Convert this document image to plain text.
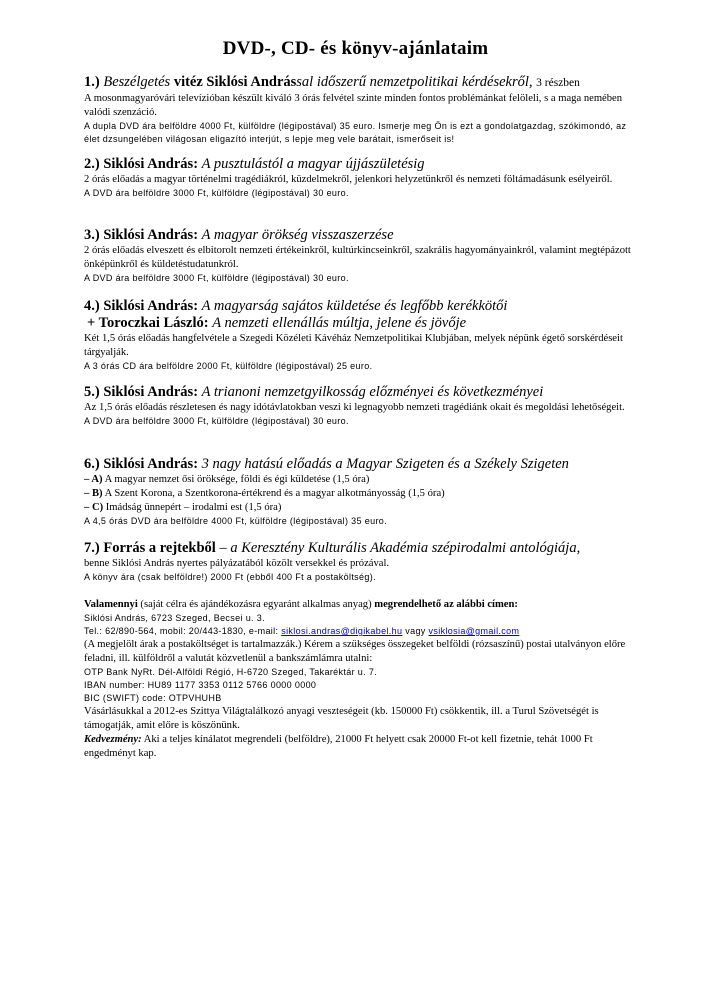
DVD-, CD- és könyv-ajánlataim
1.) Beszélgetés vitéz Siklósi Andrással időszerű nemzetpolitikai kérdésekről, 3 részben
A mosonmagyaróvári televízióban készült kiváló 3 órás felvétel szinte minden fontos problémánkat felöleli, s a maga nemében valódi szenzáció.
A dupla DVD ára belföldre 4000 Ft, külföldre (légipostával) 35 euro. Ismerje meg Ön is ezt a gondolatgazdag, szókimondó, az élet dzsungelében világosan eligazító interjút, s lepje meg vele barátait, ismerőseit is!
2.) Siklósi András: A pusztulástól a magyar újjászületésig
2 órás előadás a magyar történelmi tragédiákról, küzdelmekről, jelenkori helyzetünkről és nemzeti föltámadásunk esélyeiről.
A DVD ára belföldre 3000 Ft, külföldre (légipostával) 30 euro.
3.) Siklósi András: A magyar örökség visszaszerzése
2 órás előadás elveszett és elbitorolt nemzeti értékeinkről, kultúrkincseinkről, szakrális hagyományainkról, valamint megtépázott önképünkről és küldetéstudatunkról.
A DVD ára belföldre 3000 Ft, külföldre (légipostával) 30 euro.
4.) Siklósi András: A magyarság sajátos küldetése és legfőbb kerékkötői
+ Toroczkai László: A nemzeti ellenállás múltja, jelene és jövője
Két 1,5 órás előadás hangfelvétele a Szegedi Közéleti Kávéház Nemzetpolitikai Klubjában, melyek népünk égető sorskérdéseit tárgyalják.
A 3 órás CD ára belföldre 2000 Ft, külföldre (légipostával) 25 euro.
5.) Siklósi András: A trianoni nemzetgyilkosság előzményei és következményei
Az 1,5 órás előadás részletesen és nagy idótávlatokban veszi ki legnagyobb nemzeti tragédiánk okait és megoldási lehetőségeit.
A DVD ára belföldre 3000 Ft, külföldre (légipostával) 30 euro.
6.) Siklósi András: 3 nagy hatású előadás a Magyar Szigeten és a Székely Szigeten
– A) A magyar nemzet ősi öröksége, földi és égi küldetése (1,5 óra)
– B) A Szent Korona, a Szentkorona-értékrend és a magyar alkotmányosság (1,5 óra)
– C) Imádság ünnepért – irodalmi est (1,5 óra)
A 4,5 órás DVD ára belföldre 4000 Ft, külföldre (légipostával) 35 euro.
7.) Forrás a rejtekből – a Keresztény Kulturális Akadémia szépirodalmi antológiája,
benne Siklósi András nyertes pályázatából közölt versekkel és prózával.
A könyv ára (csak belföldre!) 2000 Ft (ebből 400 Ft a postaköltség).
Valamennyi (saját célra és ajándékozásra egyaránt alkalmas anyag) megrendelhető az alábbi címen:
Siklósi András, 6723 Szeged, Becsei u. 3.
Tel.: 62/890-564, mobil: 20/443-1830, e-mail: siklosi.andras@digikabel.hu vagy vsiklosia@gmail.com
(A megjelölt árak a postaköltséget is tartalmazzák.) Kérem a szükséges összegeket belföldi (rózsaszínű) postai utalványon előre feladni, ill. külföldről a valutát közvetlenül a bankszámlámra utalni:
OTP Bank NyRt. Dél-Alföldi Régió, H-6720 Szeged, Takaréktár u. 7.
IBAN number: HU89 1177 3353 0112 5766 0000 0000
BIC (SWIFT) code: OTPVHUHB
Vásárlásukkal a 2012-es Szittya Világtalálkozó anyagi veszteségeit (kb. 150000 Ft) csökkentik, ill. a Turul Szövetségét is támogatják, amit előre is köszönünk.
Kedvezmény: Aki a teljes kínálatot megrendeli (belföldre), 21000 Ft helyett csak 20000 Ft-ot kell fizetnie, tehát 1000 Ft engedményt kap.
